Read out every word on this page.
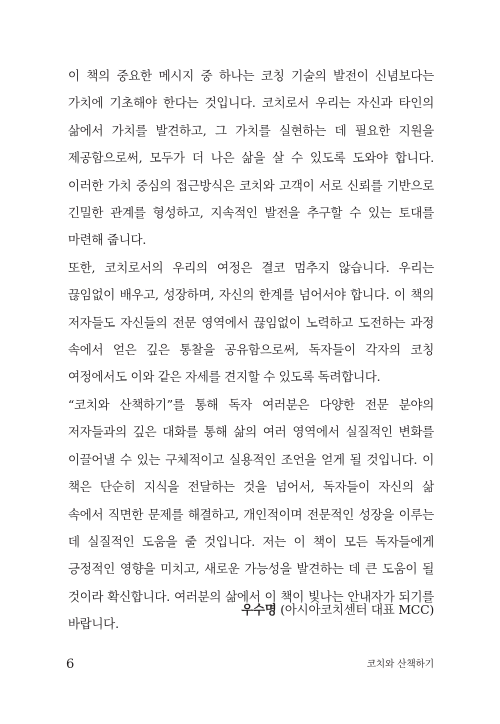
이 책의 중요한 메시지 중 하나는 코칭 기술의 발전이 신념보다는 가치에 기초해야 한다는 것입니다. 코치로서 우리는 자신과 타인의 삶에서 가치를 발견하고, 그 가치를 실현하는 데 필요한 지원을 제공함으로써, 모두가 더 나은 삶을 살 수 있도록 도와야 합니다. 이러한 가치 중심의 접근방식은 코치와 고객이 서로 신뢰를 기반으로 긴밀한 관계를 형성하고, 지속적인 발전을 추구할 수 있는 토대를 마련해 줍니다.

또한, 코치로서의 우리의 여정은 결코 멈추지 않습니다. 우리는 끊임없이 배우고, 성장하며, 자신의 한계를 넘어서야 합니다. 이 책의 저자들도 자신들의 전문 영역에서 끊임없이 노력하고 도전하는 과정 속에서 얻은 깊은 통찰을 공유함으로써, 독자들이 각자의 코칭 여정에서도 이와 같은 자세를 견지할 수 있도록 독려합니다.

“코치와 산책하기”를 통해 독자 여러분은 다양한 전문 분야의 저자들과의 깊은 대화를 통해 삶의 여러 영역에서 실질적인 변화를 이끌어낼 수 있는 구체적이고 실용적인 조언을 얻게 될 것입니다. 이 책은 단순히 지식을 전달하는 것을 넘어서, 독자들이 자신의 삶 속에서 직면한 문제를 해결하고, 개인적이며 전문적인 성장을 이루는 데 실질적인 도움을 줄 것입니다. 저는 이 책이 모든 독자들에게 긍정적인 영향을 미치고, 새로운 가능성을 발견하는 데 큰 도움이 될 것이라 확신합니다. 여러분의 삶에서 이 책이 빛나는 안내자가 되기를 바랍니다.

우수명 (아시아코치센터 대표 MCC)
6	코치와 산책하기
